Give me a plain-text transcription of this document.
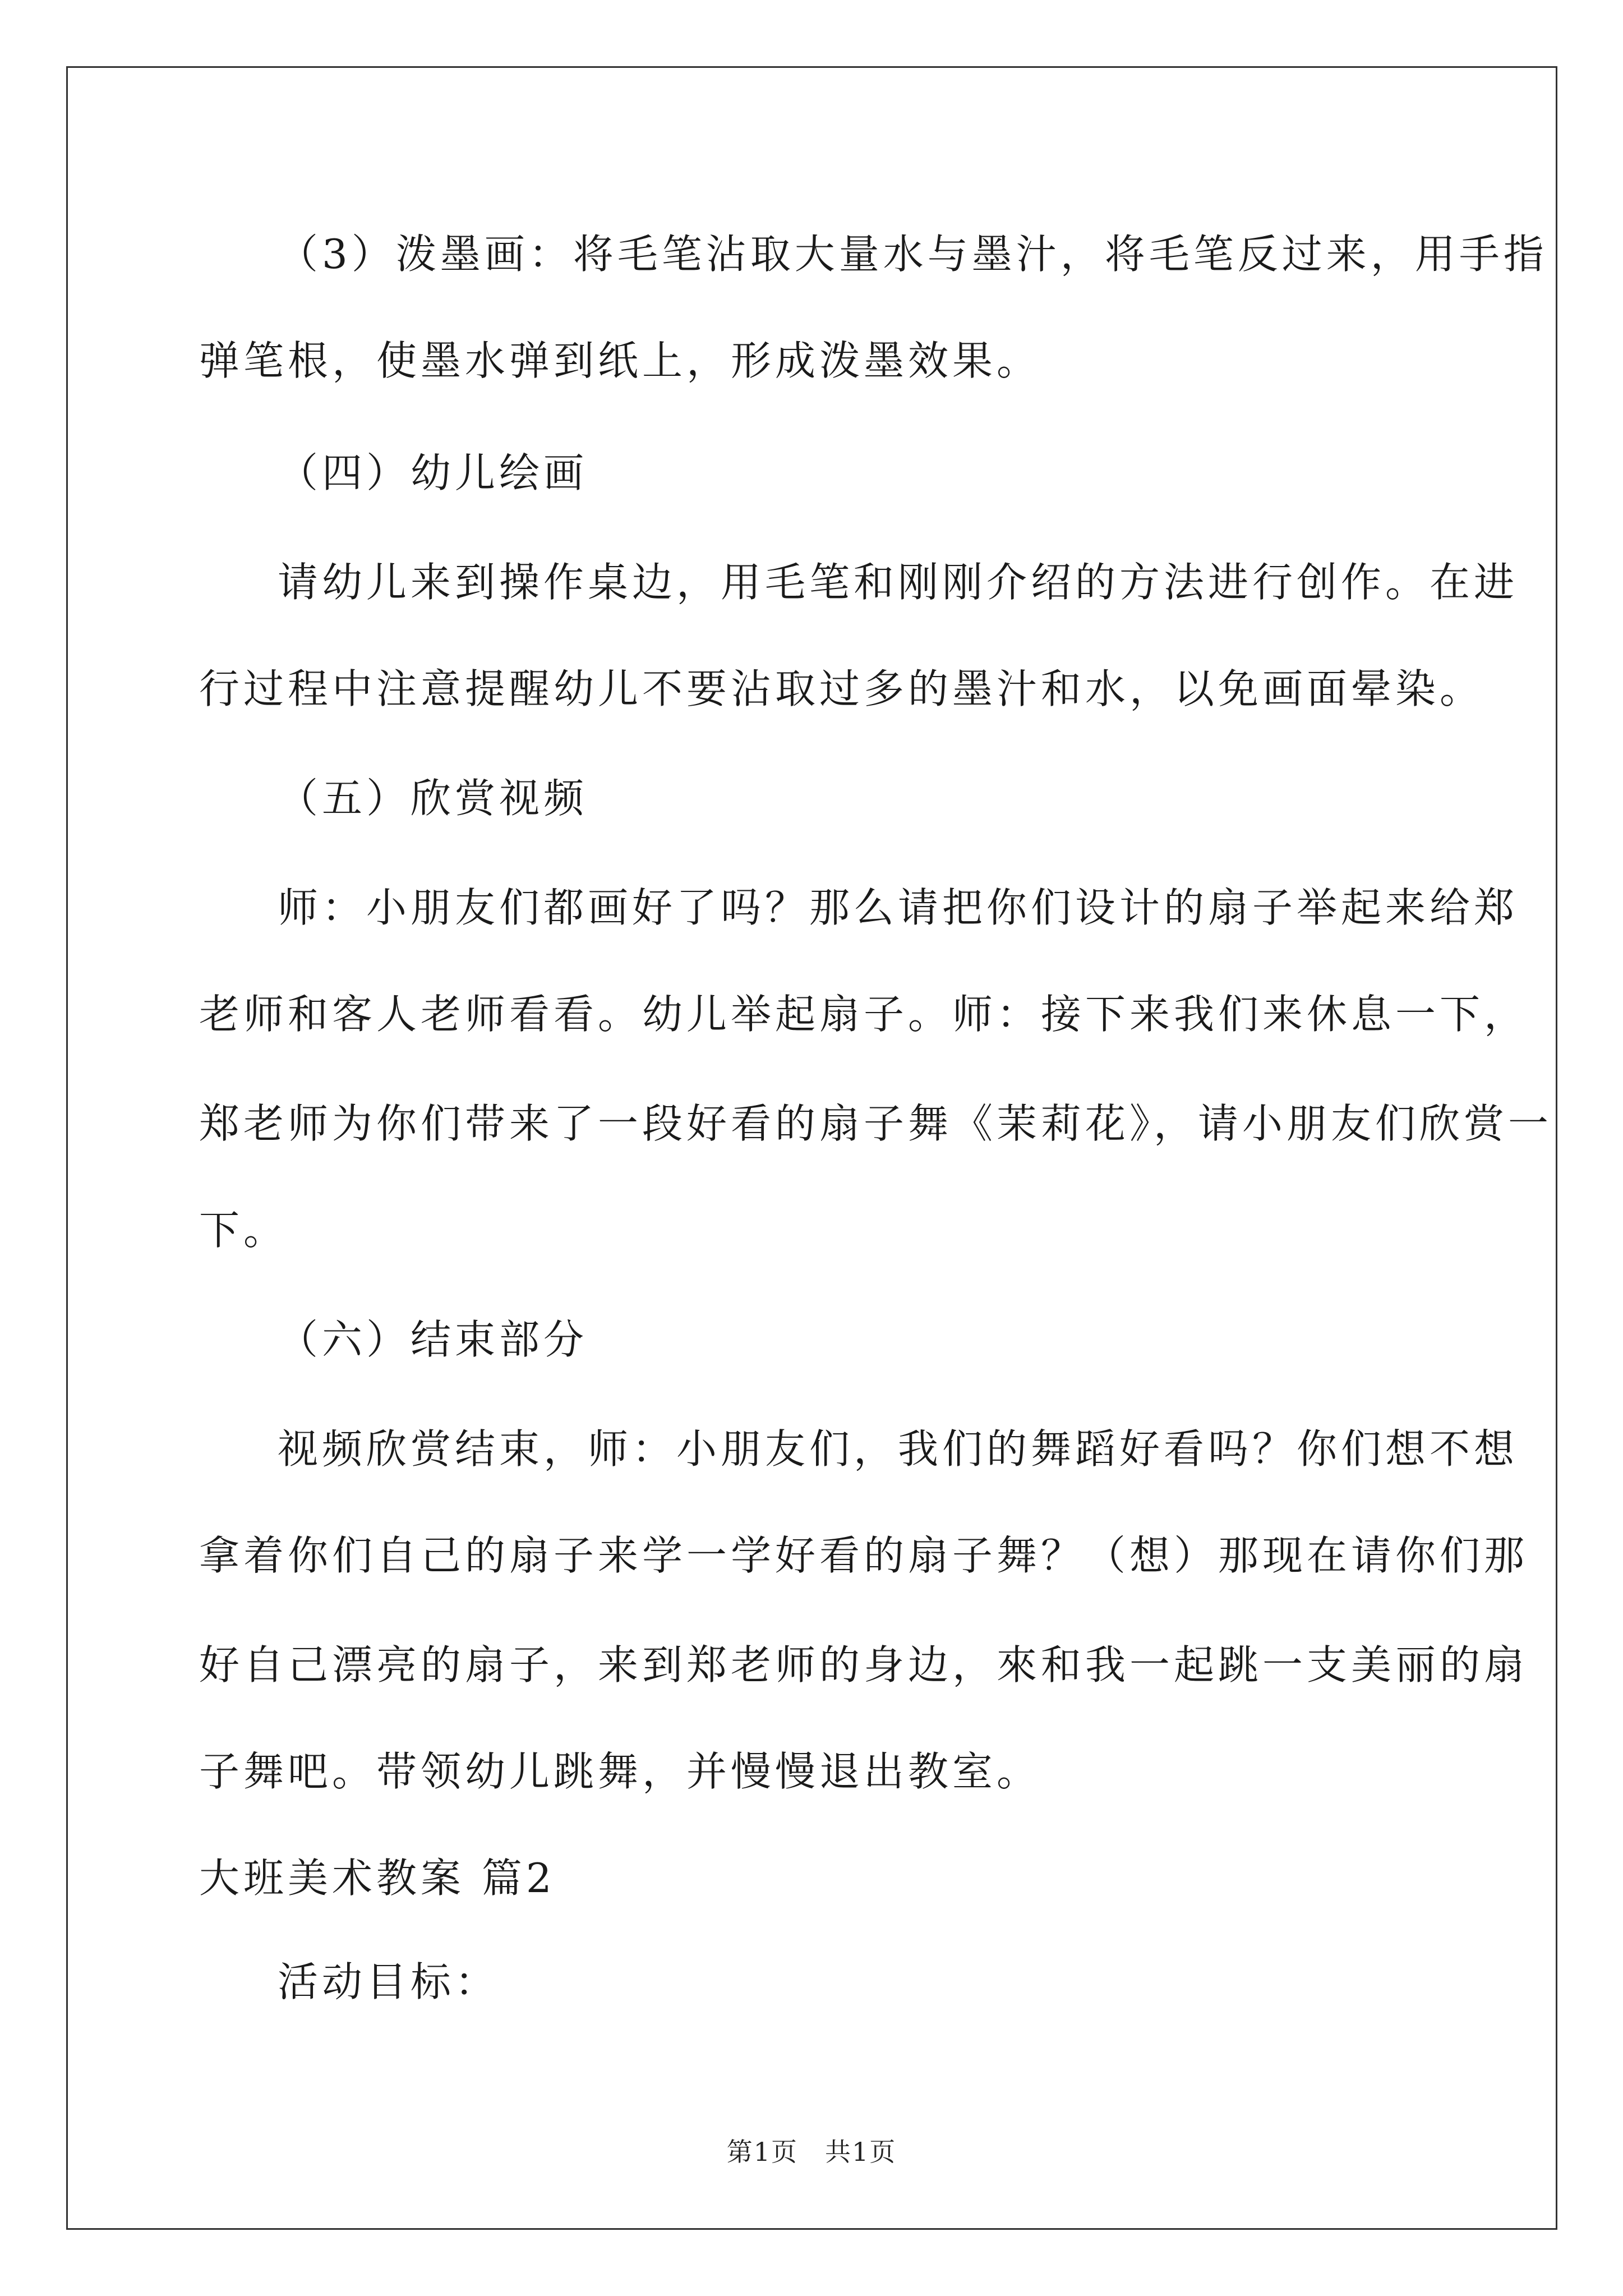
（3）泼墨画：将毛笔沾取大量水与墨汁，将毛笔反过来，用手指
弹笔根，使墨水弹到纸上，形成泼墨效果。
（四）幼儿绘画
请幼儿来到操作桌边，用毛笔和刚刚介绍的方法进行创作。在进
行过程中注意提醒幼儿不要沾取过多的墨汁和水，以免画面晕染。
（五）欣赏视频
师：小朋友们都画好了吗？那么请把你们设计的扇子举起来给郑
老师和客人老师看看。幼儿举起扇子。师：接下来我们来休息一下，
郑老师为你们带来了一段好看的扇子舞《茉莉花》，请小朋友们欣赏一
下。
（六）结束部分
视频欣赏结束，师：小朋友们，我们的舞蹈好看吗？你们想不想
拿着你们自己的扇子来学一学好看的扇子舞？（想）那现在请你们那
好自己漂亮的扇子，来到郑老师的身边，來和我一起跳一支美丽的扇
子舞吧。带领幼儿跳舞，并慢慢退出教室。
大班美术教案 篇2
活动目标：
第1页　共1页
